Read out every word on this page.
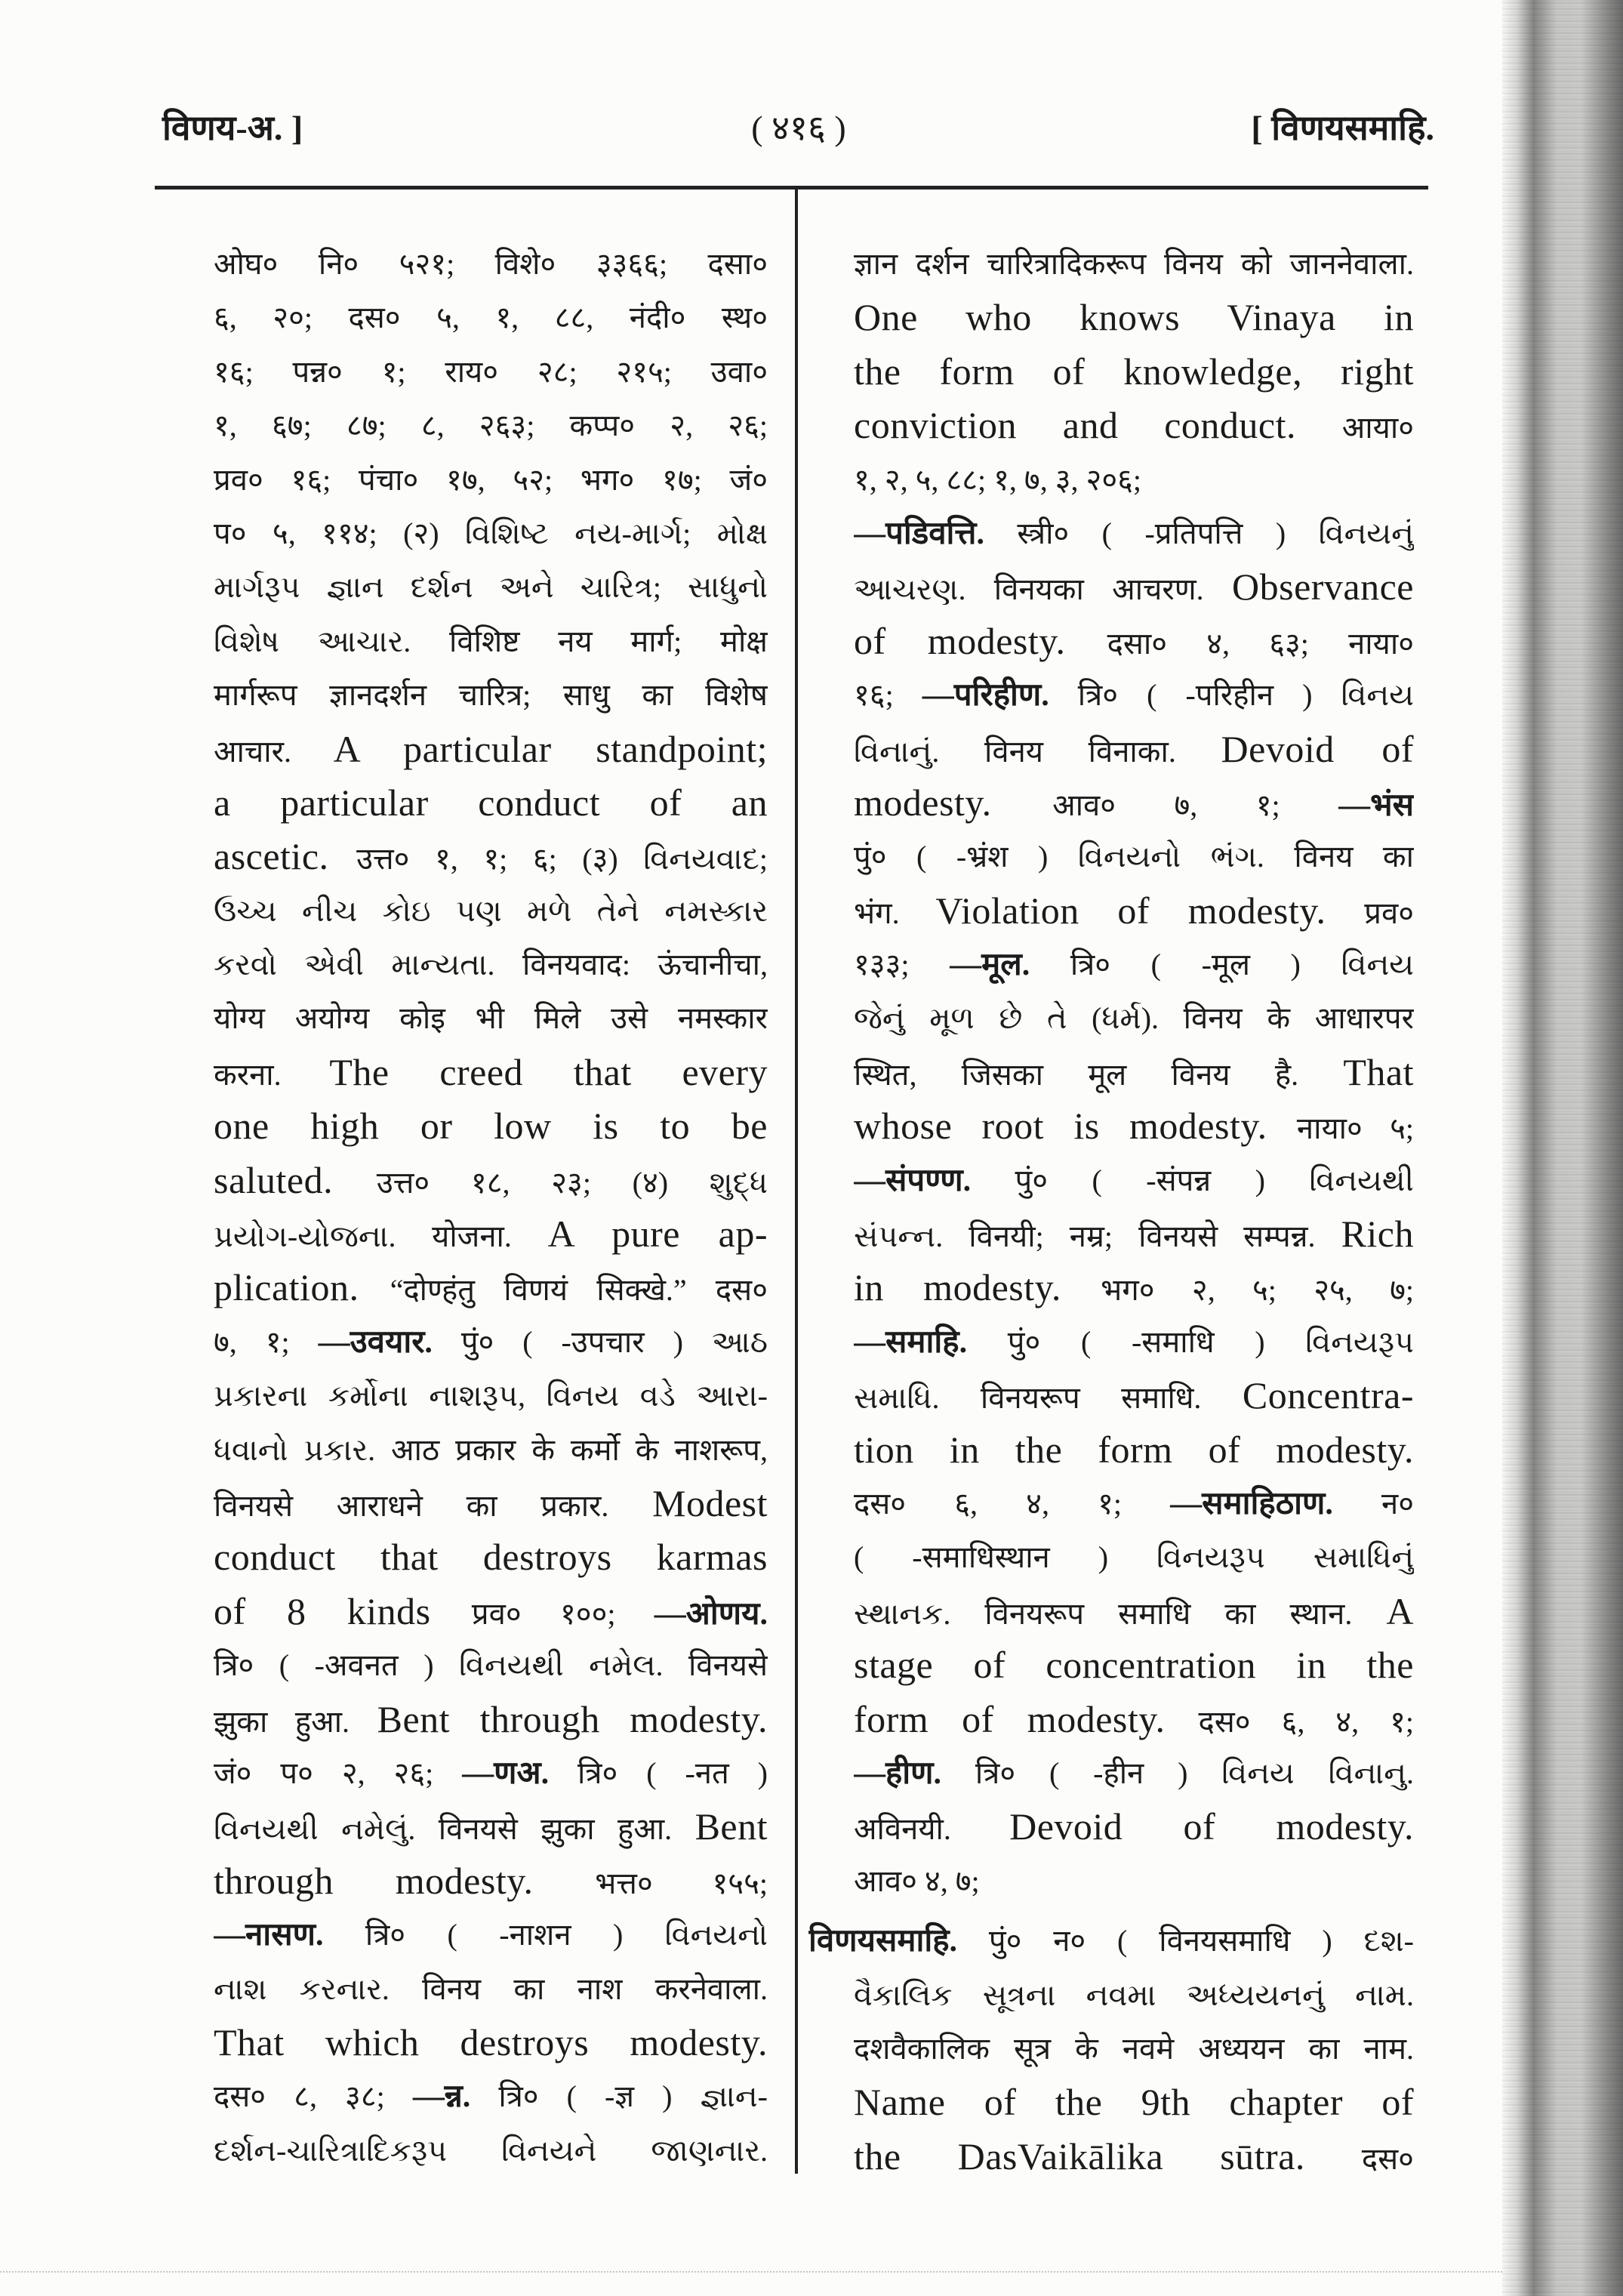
विणय-अ. ]	( ४१६ )	[ विणयसमाहि.
ओघ० नि० ५२१; विशे० ३३६६; दसा०
६, २०; दस० ५, १, ८८, नंदी० स्थ०
१६; पन्न० १; राय० २८; २१५; उवा०
१, ६७; ८७; ८, २६३; कप्प० २, २६;
प्रव० १६; पंचा० १७, ५२; भग० १७; जं०
प० ५, ११४; (२) વિશિષ્ટ નય-માર્ગ; મોક્ષ
માર્ગરૂપ જ્ઞાન દર્શન અને ચારિત્ર; સાધુનો
વિશેષ આચાર. विशिष्ट नय मार्ग; मोक्ष
मार्गरूप ज्ञानदर्शन चारित्र; साधु का विशेष
आचार. A particular standpoint;
a particular conduct of an
ascetic. उत्त० १, १; ६; (३) વિનયવાદ;
ઉચ્ચ નીચ કોઇ પણ મળે તેને નમસ્કાર
કરવો એવી માન્યતા. विनयवाद: ऊंचानीचा,
योग्य अयोग्य कोइ भी मिले उसे नमस्कार
करना. The creed that every
one high or low is to be
saluted. उत्त० १८, २३; (४) શુદ્ધ
પ્રયોગ-યોજના. योजना. A pure ap-
plication. “दोण्हंतु विणयं सिक्खे.” दस०
७, १; —उवयार. पुं० ( -उपचार ) આઠ
પ્રકારના કર્મોના નાશરૂપ, વિનય વડે આરા-
ધવાનો પ્રકાર. आठ प्रकार के कर्मो के नाशरूप,
विनयसे आराधने का प्रकार. Modest
conduct that destroys karmas
of 8 kinds प्रव० १००; —ओणय.
त्रि० ( -अवनत ) વિનયથી નમેલ. विनयसे
झुका हुआ. Bent through modesty.
जं० प० २, २६; —णअ. त्रि० ( -नत )
વિનયથી નમેલું. विनयसे झुका हुआ. Bent
through modesty. भत्त० १५५;
—नासण. त्रि० ( -नाशन ) વિનયનો
નાશ કરનાર. विनय का नाश करनेवाला.
That which destroys modesty.
दस० ८, ३८; —न्न. त्रि० ( -ज्ञ ) જ્ઞાન-
દર્શન-ચારિત્રાદિકરૂપ વિનયને જાણનાર.
ज्ञान दर्शन चारित्रादिकरूप विनय को जाननेवाला.
One who knows Vinaya in
the form of knowledge, right
conviction and conduct. आया०
१, २, ५, ८८; १, ७, ३, २०६;
—पडिवत्ति. स्त्री० ( -प्रतिपत्ति ) વિનયનું
આચરણ. विनयका आचरण. Observance
of modesty. दसा० ४, ६३; नाया०
१६; —परिहीण. त्रि० ( -परिहीन ) વિનય
વિનાનું. विनय विनाका. Devoid of
modesty. आव० ७, १; —भंस
पुं० ( -भ्रंश ) વિનયનો ભંગ. विनय का
भंग. Violation of modesty. प्रव०
१३३; —मूल. त्रि० ( -मूल ) વિનય
જેનું મૂળ છે તે (ધર્મ). विनय के आधारपर
स्थित, जिसका मूल विनय है. That
whose root is modesty. नाया० ५;
—संपण्ण. पुं० ( -संपन्न ) વિનયથી
સંપન્ન. विनयी; नम्र; विनयसे सम्पन्न. Rich
in modesty. भग० २, ५; २५, ७;
—समाहि. पुं० ( -समाधि ) વિનયરૂપ
સમાધિ. विनयरूप समाधि. Concentra-
tion in the form of modesty.
दस० ६, ४, १; —समाहिठाण. न०
( -समाधिस्थान ) વિનયરૂપ સમાધિનું
સ્થાનક. विनयरूप समाधि का स्थान. A
stage of concentration in the
form of modesty. दस० ६, ४, १;
—हीण. त्रि० ( -हीन ) વિનય વિનાનુ.
अविनयी. Devoid of modesty.
आव० ४, ७;
विणयसमाहि. पुं० न० ( विनयसमाधि ) દશ-
વૈકાલિક સૂત્રના નવમા અધ્યયનનું નામ.
दशवैकालिक सूत्र के नवमे अध्ययन का नाम.
Name of the 9th chapter of
the DasVaikālika sūtra. दस०
